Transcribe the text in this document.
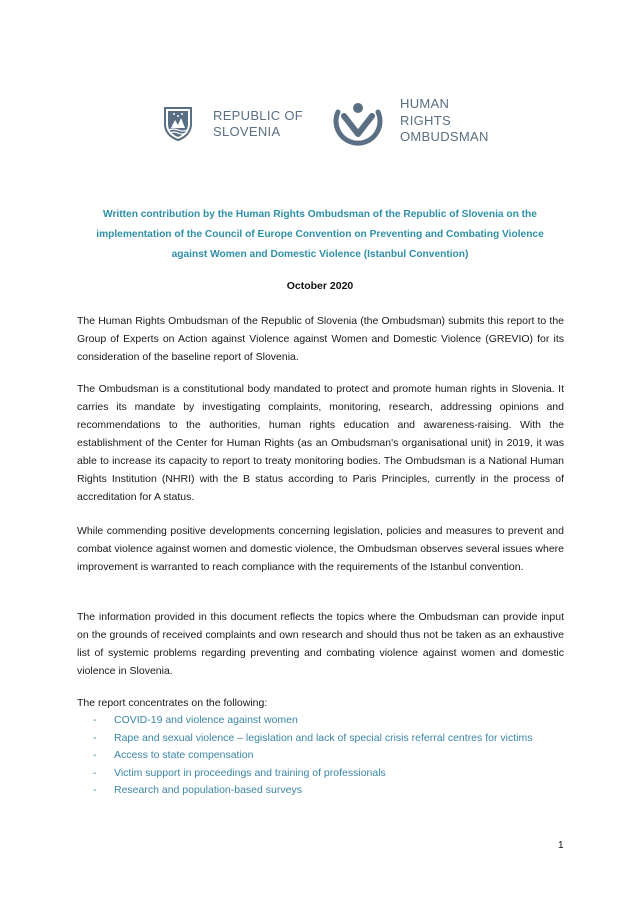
REPUBLIC OF
SLOVENIA
HUMAN
RIGHTS
OMBUDSMAN
Written contribution by the Human Rights Ombudsman of the Republic of Slovenia on the implementation of the Council of Europe Convention on Preventing and Combating Violence against Women and Domestic Violence (Istanbul Convention)
October 2020

The Human Rights Ombudsman of the Republic of Slovenia (the Ombudsman) submits this report to the Group of Experts on Action against Violence against Women and Domestic Violence (GREVIO) for its consideration of the baseline report of Slovenia.

The Ombudsman is a constitutional body mandated to protect and promote human rights in Slovenia. It carries its mandate by investigating complaints, monitoring, research, addressing opinions and recommendations to the authorities, human rights education and awareness-raising. With the establishment of the Center for Human Rights (as an Ombudsman's organisational unit) in 2019, it was able to increase its capacity to report to treaty monitoring bodies. The Ombudsman is a National Human Rights Institution (NHRI) with the B status according to Paris Principles, currently in the process of accreditation for A status.

While commending positive developments concerning legislation, policies and measures to prevent and combat violence against women and domestic violence, the Ombudsman observes several issues where improvement is warranted to reach compliance with the requirements of the Istanbul convention.

The information provided in this document reflects the topics where the Ombudsman can provide input on the grounds of received complaints and own research and should thus not be taken as an exhaustive list of systemic problems regarding preventing and combating violence against women and domestic violence in Slovenia.

The report concentrates on the following:

- COVID-19 and violence against women
- Rape and sexual violence – legislation and lack of special crisis referral centres for victims
- Access to state compensation
- Victim support in proceedings and training of professionals
- Research and population-based surveys
1
